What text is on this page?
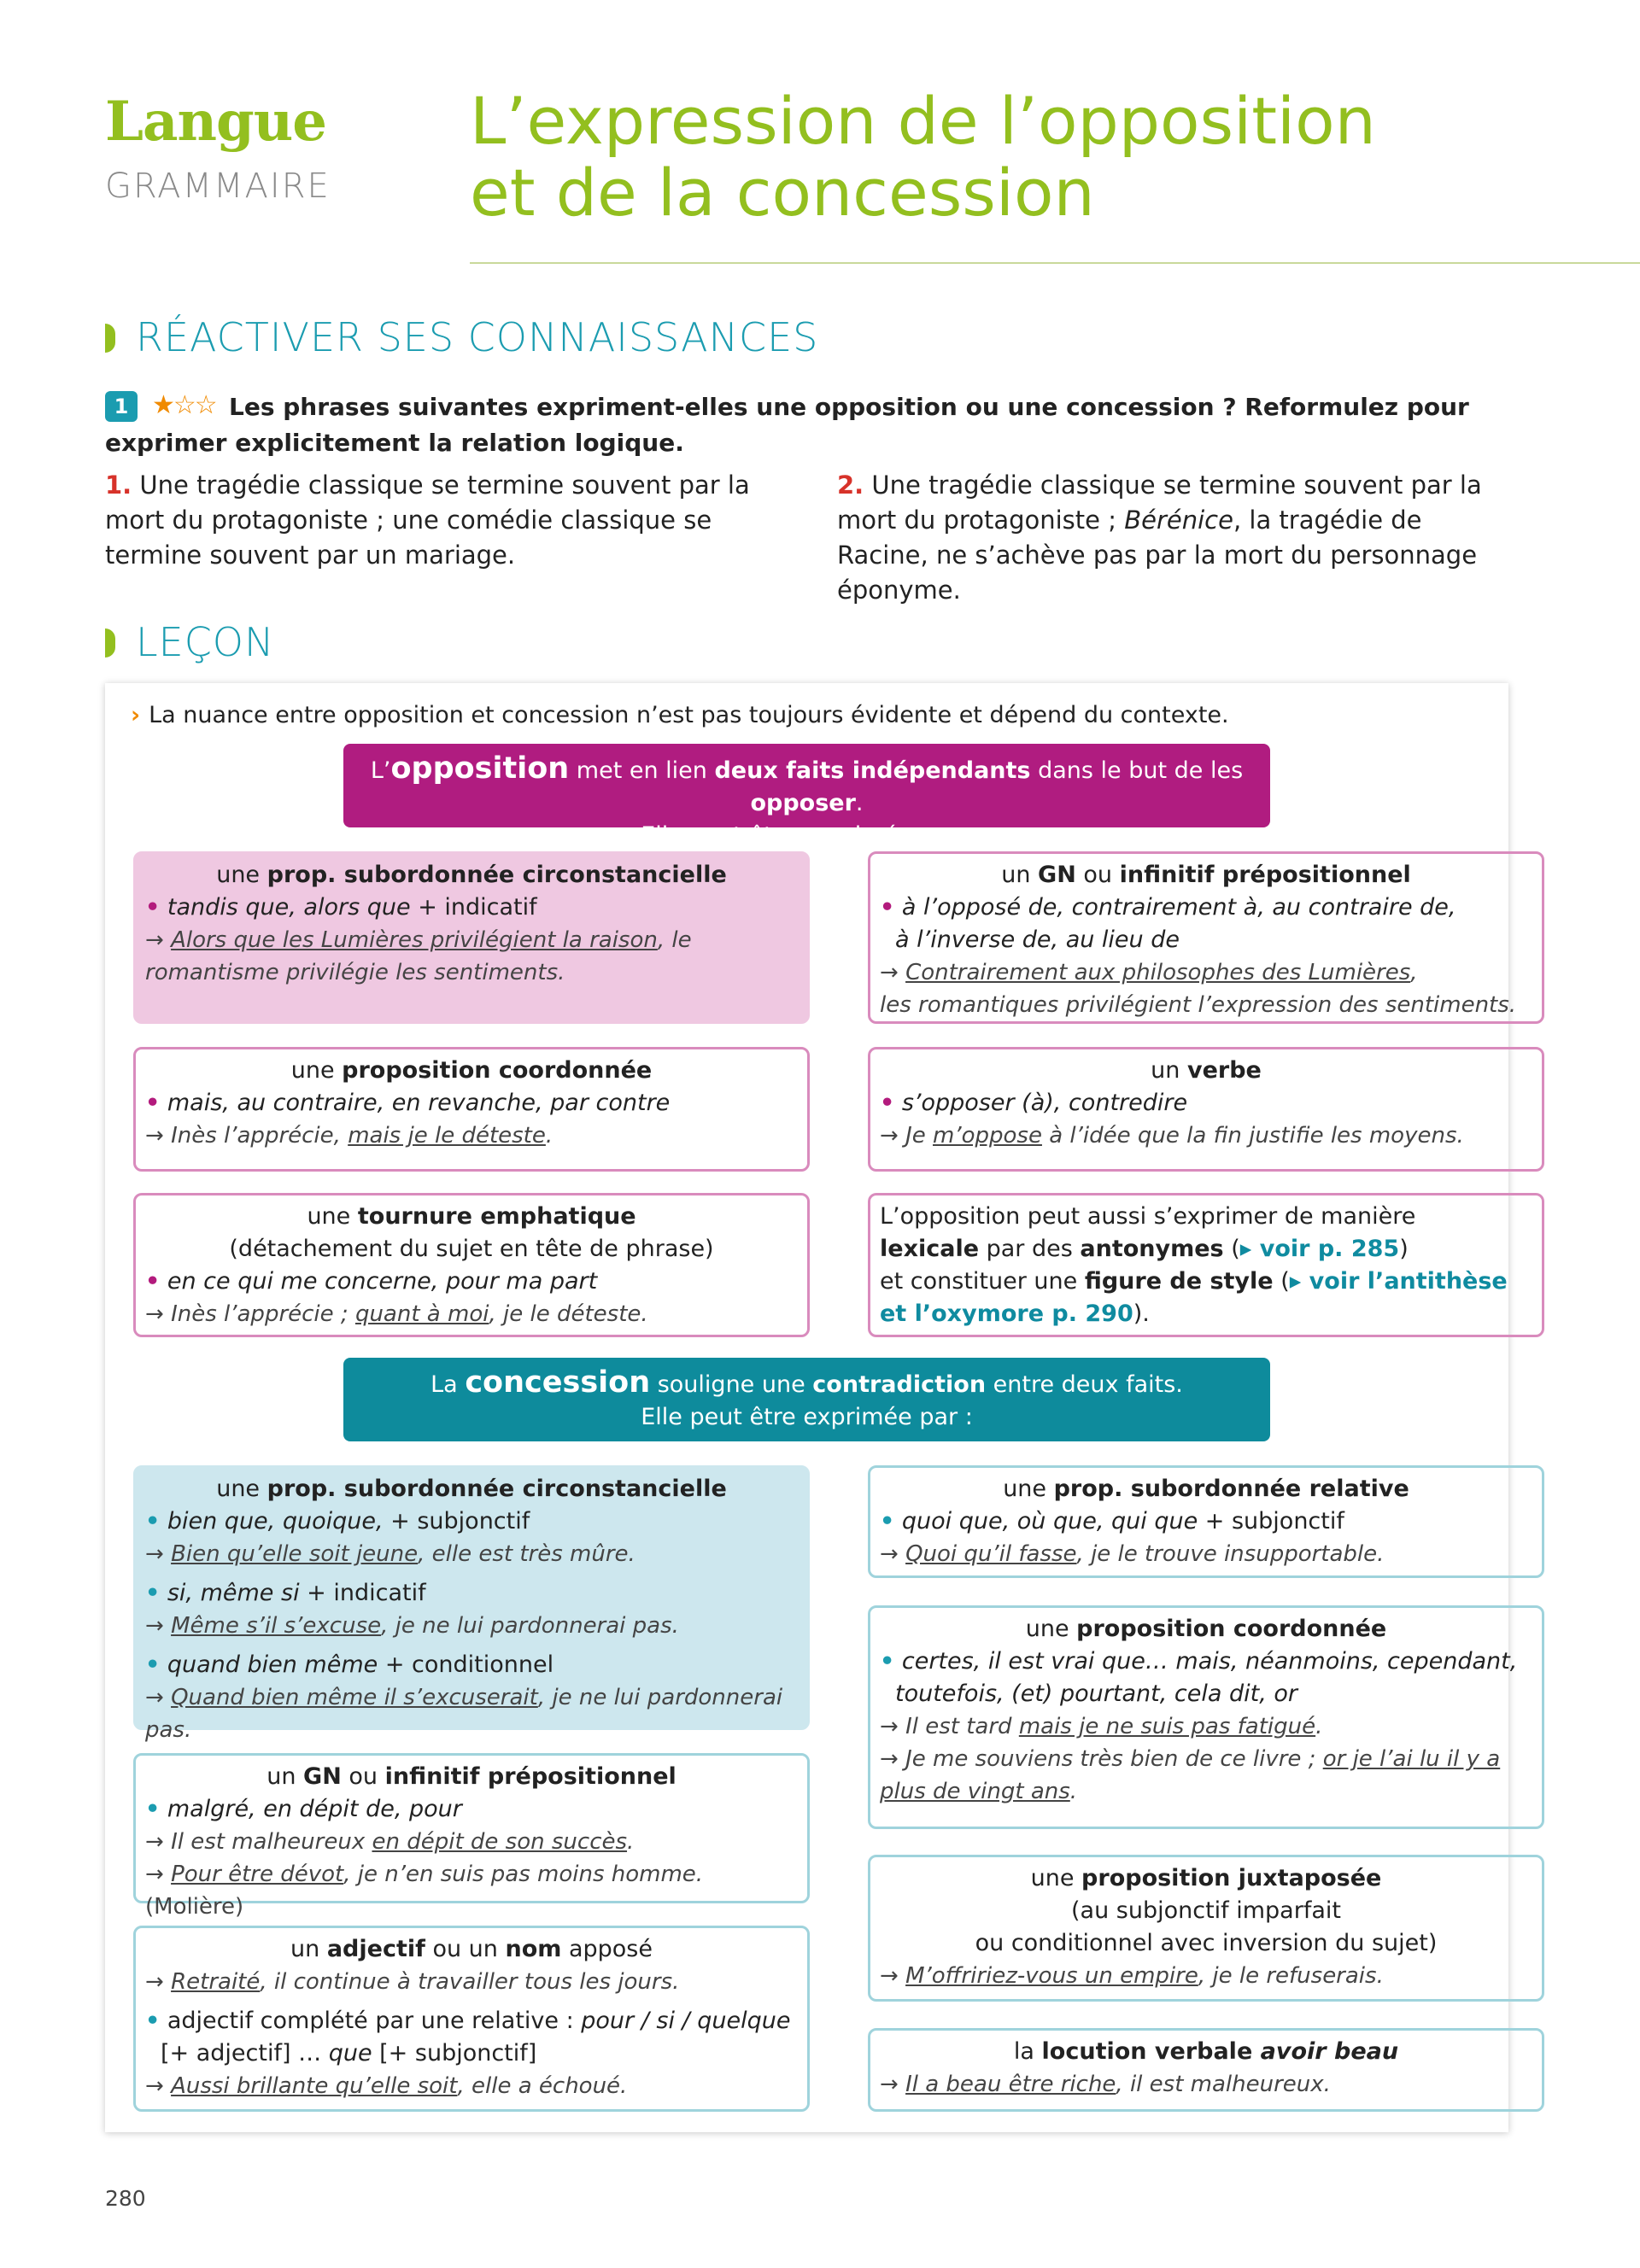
Langue
GRAMMAIRE
L’expression de l’opposition
et de la concession
RÉACTIVER SES CONNAISSANCES
1 ★☆☆ Les phrases suivantes expriment-elles une opposition ou une concession ? Reformulez pour exprimer explicitement la relation logique.
1. Une tragédie classique se termine souvent par la mort du protagoniste ; une comédie classique se termine souvent par un mariage.
2. Une tragédie classique se termine souvent par la mort du protagoniste ; Bérénice, la tragédie de Racine, ne s’achève pas par la mort du personnage éponyme.
LEÇON
› La nuance entre opposition et concession n’est pas toujours évidente et dépend du contexte.
L’opposition met en lien deux faits indépendants dans le but de les opposer.
Elle peut être exprimée par :
une prop. subordonnée circonstancielle
• tandis que, alors que + indicatif
→ Alors que les Lumières privilégient la raison, le romantisme privilégie les sentiments.
un GN ou infinitif prépositionnel
• à l’opposé de, contrairement à, au contraire de,
à l’inverse de, au lieu de
→ Contrairement aux philosophes des Lumières,
les romantiques privilégient l’expression des sentiments.
une proposition coordonnée
• mais, au contraire, en revanche, par contre
→ Inès l’apprécie, mais je le déteste.
un verbe
• s’opposer (à), contredire
→ Je m’oppose à l’idée que la fin justifie les moyens.
une tournure emphatique
(détachement du sujet en tête de phrase)
• en ce qui me concerne, pour ma part
→ Inès l’apprécie ; quant à moi, je le déteste.
L’opposition peut aussi s’exprimer de manière
lexicale par des antonymes (▸ voir p. 285)
et constituer une figure de style (▸ voir l’antithèse
et l’oxymore p. 290).
La concession souligne une contradiction entre deux faits.
Elle peut être exprimée par :
une prop. subordonnée circonstancielle
• bien que, quoique, + subjonctif
→ Bien qu’elle soit jeune, elle est très mûre.
• si, même si + indicatif
→ Même s’il s’excuse, je ne lui pardonnerai pas.
• quand bien même + conditionnel
→ Quand bien même il s’excuserait, je ne lui pardonnerai pas.
une prop. subordonnée relative
• quoi que, où que, qui que + subjonctif
→ Quoi qu’il fasse, je le trouve insupportable.
une proposition coordonnée
• certes, il est vrai que… mais, néanmoins, cependant,
toutefois, (et) pourtant, cela dit, or
→ Il est tard mais je ne suis pas fatigué.
→ Je me souviens très bien de ce livre ; or je l’ai lu il y a
plus de vingt ans.
un GN ou infinitif prépositionnel
• malgré, en dépit de, pour
→ Il est malheureux en dépit de son succès.
→ Pour être dévot, je n’en suis pas moins homme. (Molière)
une proposition juxtaposée
(au subjonctif imparfait
ou conditionnel avec inversion du sujet)
→ M’offririez-vous un empire, je le refuserais.
un adjectif ou un nom apposé
→ Retraité, il continue à travailler tous les jours.
• adjectif complété par une relative : pour / si / quelque
[+ adjectif] … que [+ subjonctif]
→ Aussi brillante qu’elle soit, elle a échoué.
la locution verbale avoir beau
→ Il a beau être riche, il est malheureux.
280
